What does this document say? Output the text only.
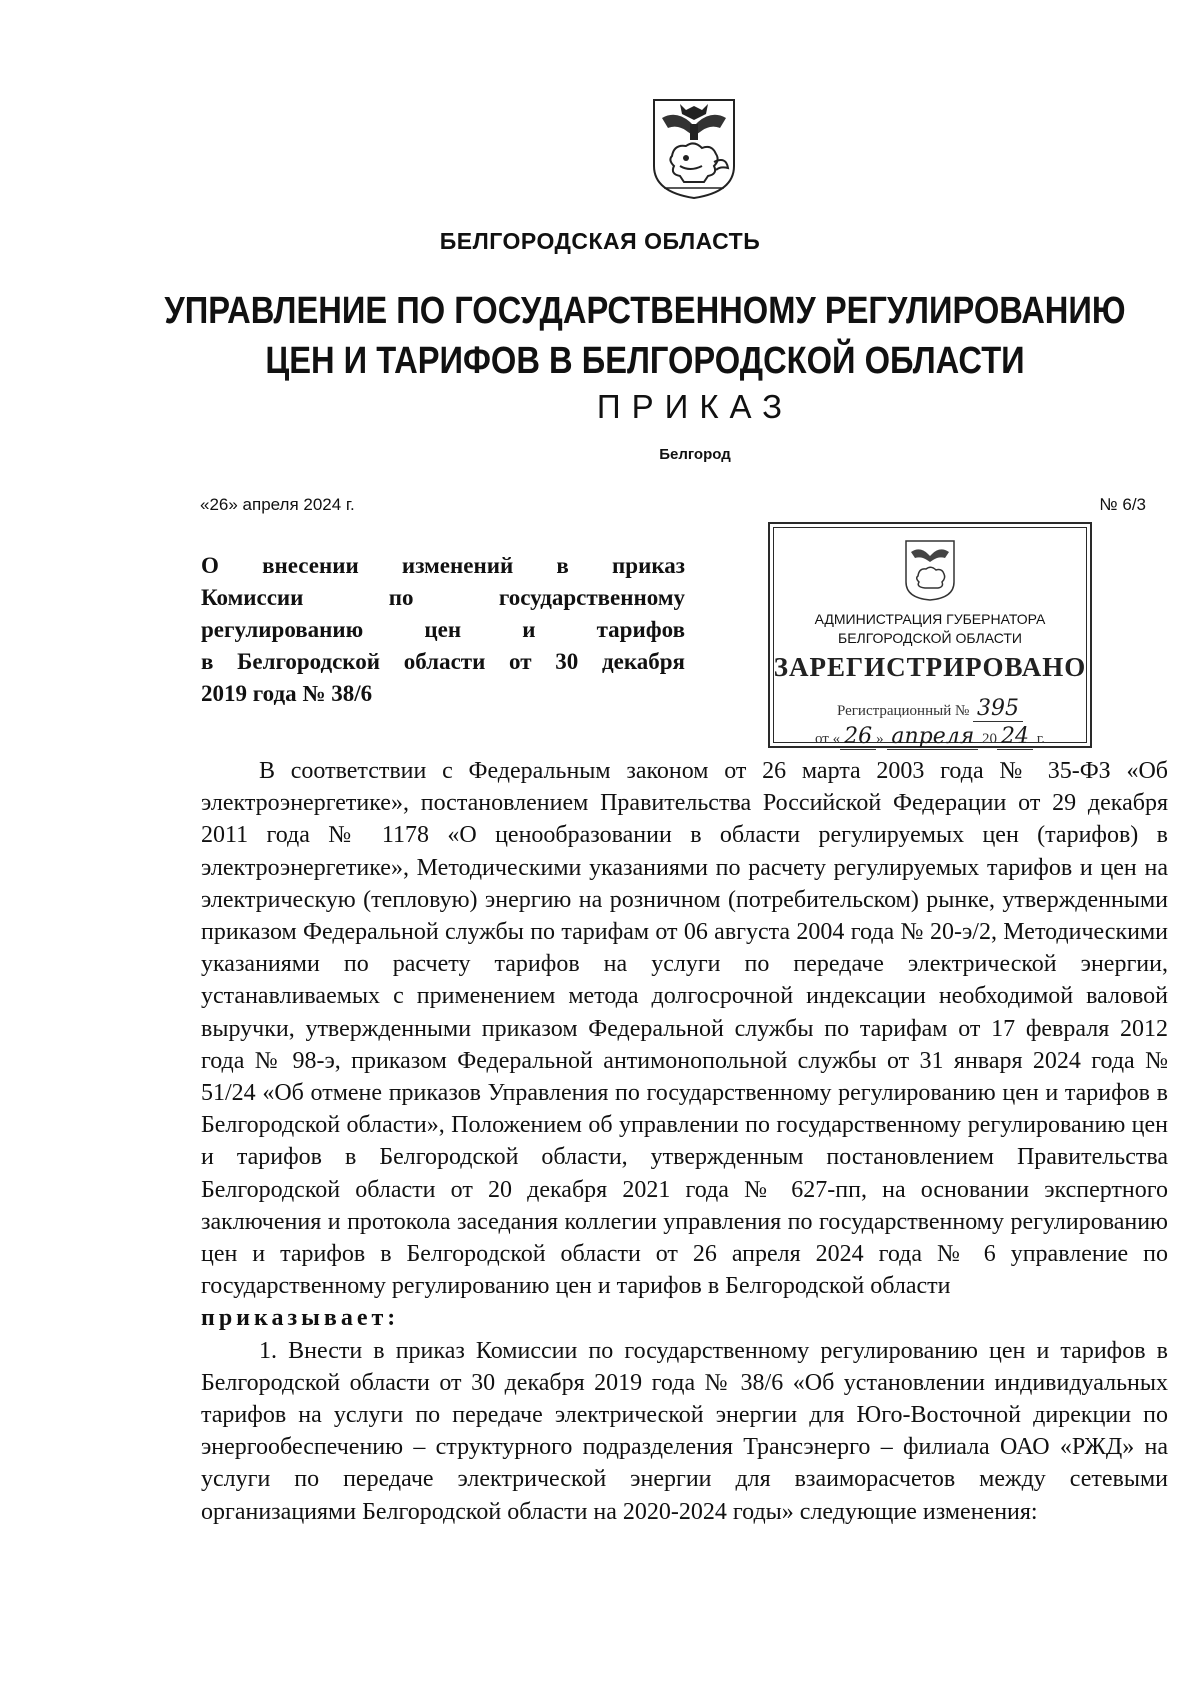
БЕЛГОРОДСКАЯ ОБЛАСТЬ
УПРАВЛЕНИЕ ПО ГОСУДАРСТВЕННОМУ РЕГУЛИРОВАНИЮ
ЦЕН И ТАРИФОВ В БЕЛГОРОДСКОЙ ОБЛАСТИ
ПРИКАЗ
Белгород
«26» апреля 2024 г.	№ 6/3
О внесении изменений в приказ
Комиссии по государственному
регулированию цен и тарифов
в Белгородской области от 30 декабря
2019 года № 38/6
АДМИНИСТРАЦИЯ ГУБЕРНАТОРА
БЕЛГОРОДСКОЙ ОБЛАСТИ
ЗАРЕГИСТРИРОВАНО
Регистрационный № 395
от « 26 » апреля 20 24 г.

В соответствии с Федеральным законом от 26 марта 2003 года № 35-ФЗ «Об электроэнергетике», постановлением Правительства Российской Федерации от 29 декабря 2011 года № 1178 «О ценообразовании в области регулируемых цен (тарифов) в электроэнергетике», Методическими указаниями по расчету регулируемых тарифов и цен на электрическую (тепловую) энергию на розничном (потребительском) рынке, утвержденными приказом Федеральной службы по тарифам от 06 августа 2004 года № 20-э/2, Методическими указаниями по расчету тарифов на услуги по передаче электрической энергии, устанавливаемых с применением метода долгосрочной индексации необходимой валовой выручки, утвержденными приказом Федеральной службы по тарифам от 17 февраля 2012 года № 98-э, приказом Федеральной антимонопольной службы от 31 января 2024 года № 51/24 «Об отмене приказов Управления по государственному регулированию цен и тарифов в Белгородской области», Положением об управлении по государственному регулированию цен и тарифов в Белгородской области, утвержденным постановлением Правительства Белгородской области от 20 декабря 2021 года № 627-пп, на основании экспертного заключения и протокола заседания коллегии управления по государственному регулированию цен и тарифов в Белгородской области от 26 апреля 2024 года № 6 управление по государственному регулированию цен и тарифов в Белгородской области

приказывает:

1. Внести в приказ Комиссии по государственному регулированию цен и тарифов в Белгородской области от 30 декабря 2019 года № 38/6 «Об установлении индивидуальных тарифов на услуги по передаче электрической энергии для Юго-Восточной дирекции по энергообеспечению – структурного подразделения Трансэнерго – филиала ОАО «РЖД» на услуги по передаче электрической энергии для взаиморасчетов между сетевыми организациями Белгородской области на 2020-2024 годы» следующие изменения:
